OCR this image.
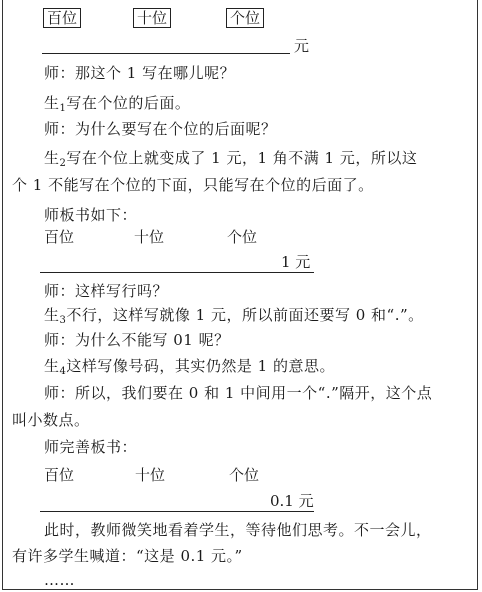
百位	十位	个位
元
师：那这个 1 写在哪儿呢？
生$_1$写在个位的后面。
师：为什么要写在个位的后面呢？
生$_2$写在个位上就变成了 1 元，1 角不满 1 元，所以这
个 1 不能写在个位的下面，只能写在个位的后面了。
师板书如下：
百位	十位	个位
1 元
师：这样写行吗？
生$_3$不行，这样写就像 1 元，所以前面还要写 0 和“.”。
师：为什么不能写 01 呢？
生$_4$这样写像号码，其实仍然是 1 的意思。
师：所以，我们要在 0 和 1 中间用一个“.”隔开，这个点
叫小数点。
师完善板书：
百位	十位	个位
0.1 元
此时，教师微笑地看着学生，等待他们思考。不一会儿，
有许多学生喊道：“这是 0.1 元。”
……
